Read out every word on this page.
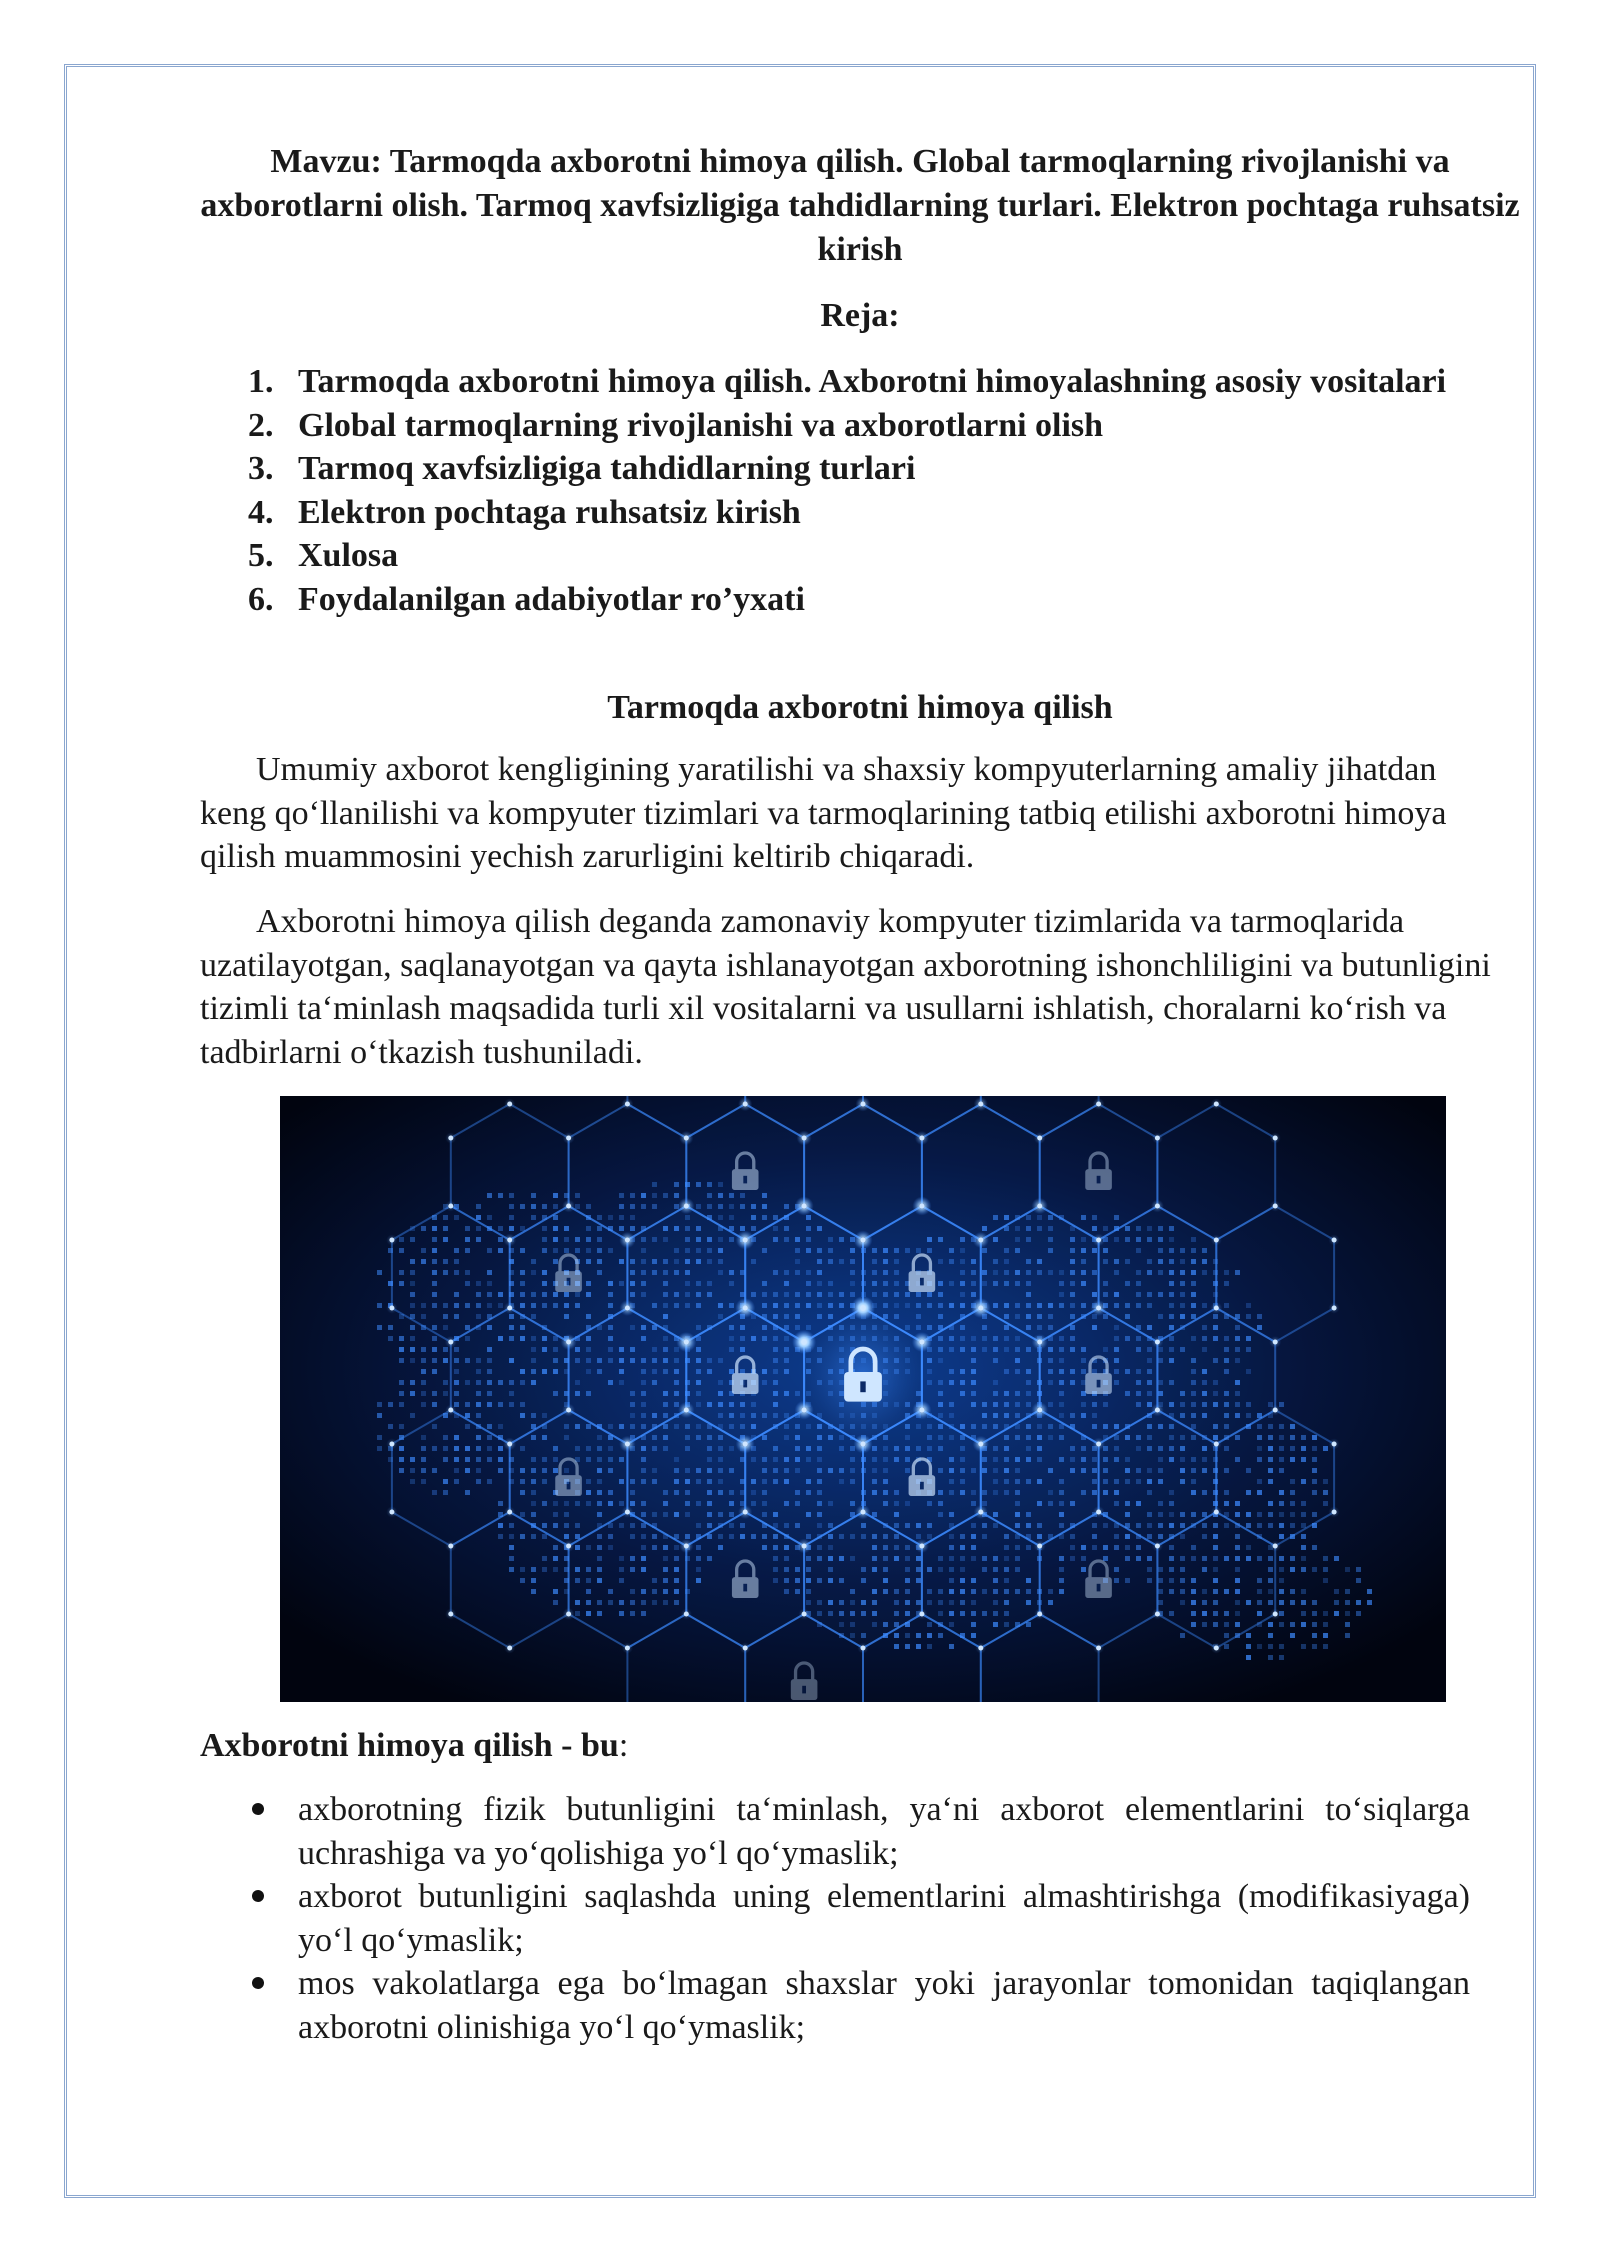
Mavzu: Tarmoqda axborotni himoya qilish. Global tarmoqlarning rivojlanishi va axborotlarni olish. Tarmoq xavfsizligiga tahdidlarning turlari. Elektron pochtaga ruhsatsiz kirish
Reja:
1. Tarmoqda axborotni himoya qilish. Axborotni himoyalashning asosiy vositalari
2. Global tarmoqlarning rivojlanishi va axborotlarni olish
3. Tarmoq xavfsizligiga tahdidlarning turlari
4. Elektron pochtaga ruhsatsiz kirish
5. Xulosa
6. Foydalanilgan adabiyotlar ro’yxati
Tarmoqda axborotni himoya qilish

Umumiy axborot kengligining yaratilishi va shaxsiy kompyuterlarning amaliy jihatdan keng qo‘llanilishi va kompyuter tizimlari va tarmoqlarining tatbiq etilishi axborotni himoya qilish muammosini yechish zarurligini keltirib chiqaradi.

Axborotni himoya qilish deganda zamonaviy kompyuter tizimlarida va tarmoqlarida uzatilayotgan, saqlanayotgan va qayta ishlanayotgan axborotning ishonchliligini va butunligini tizimli ta‘minlash maqsadida turli xil vositalarni va usullarni ishlatish, choralarni ko‘rish va tadbirlarni o‘tkazish tushuniladi.

Axborotni himoya qilish - bu:

axborotning fizik butunligini ta‘minlash, ya‘ni axborot elementlarini to‘siqlarga uchrashiga va yo‘qolishiga yo‘l qo‘ymaslik;
axborot butunligini saqlashda uning elementlarini almashtirishga (modifikasiyaga) yo‘l qo‘ymaslik;
mos vakolatlarga ega bo‘lmagan shaxslar yoki jarayonlar tomonidan taqiqlangan axborotni olinishiga yo‘l qo‘ymaslik;
